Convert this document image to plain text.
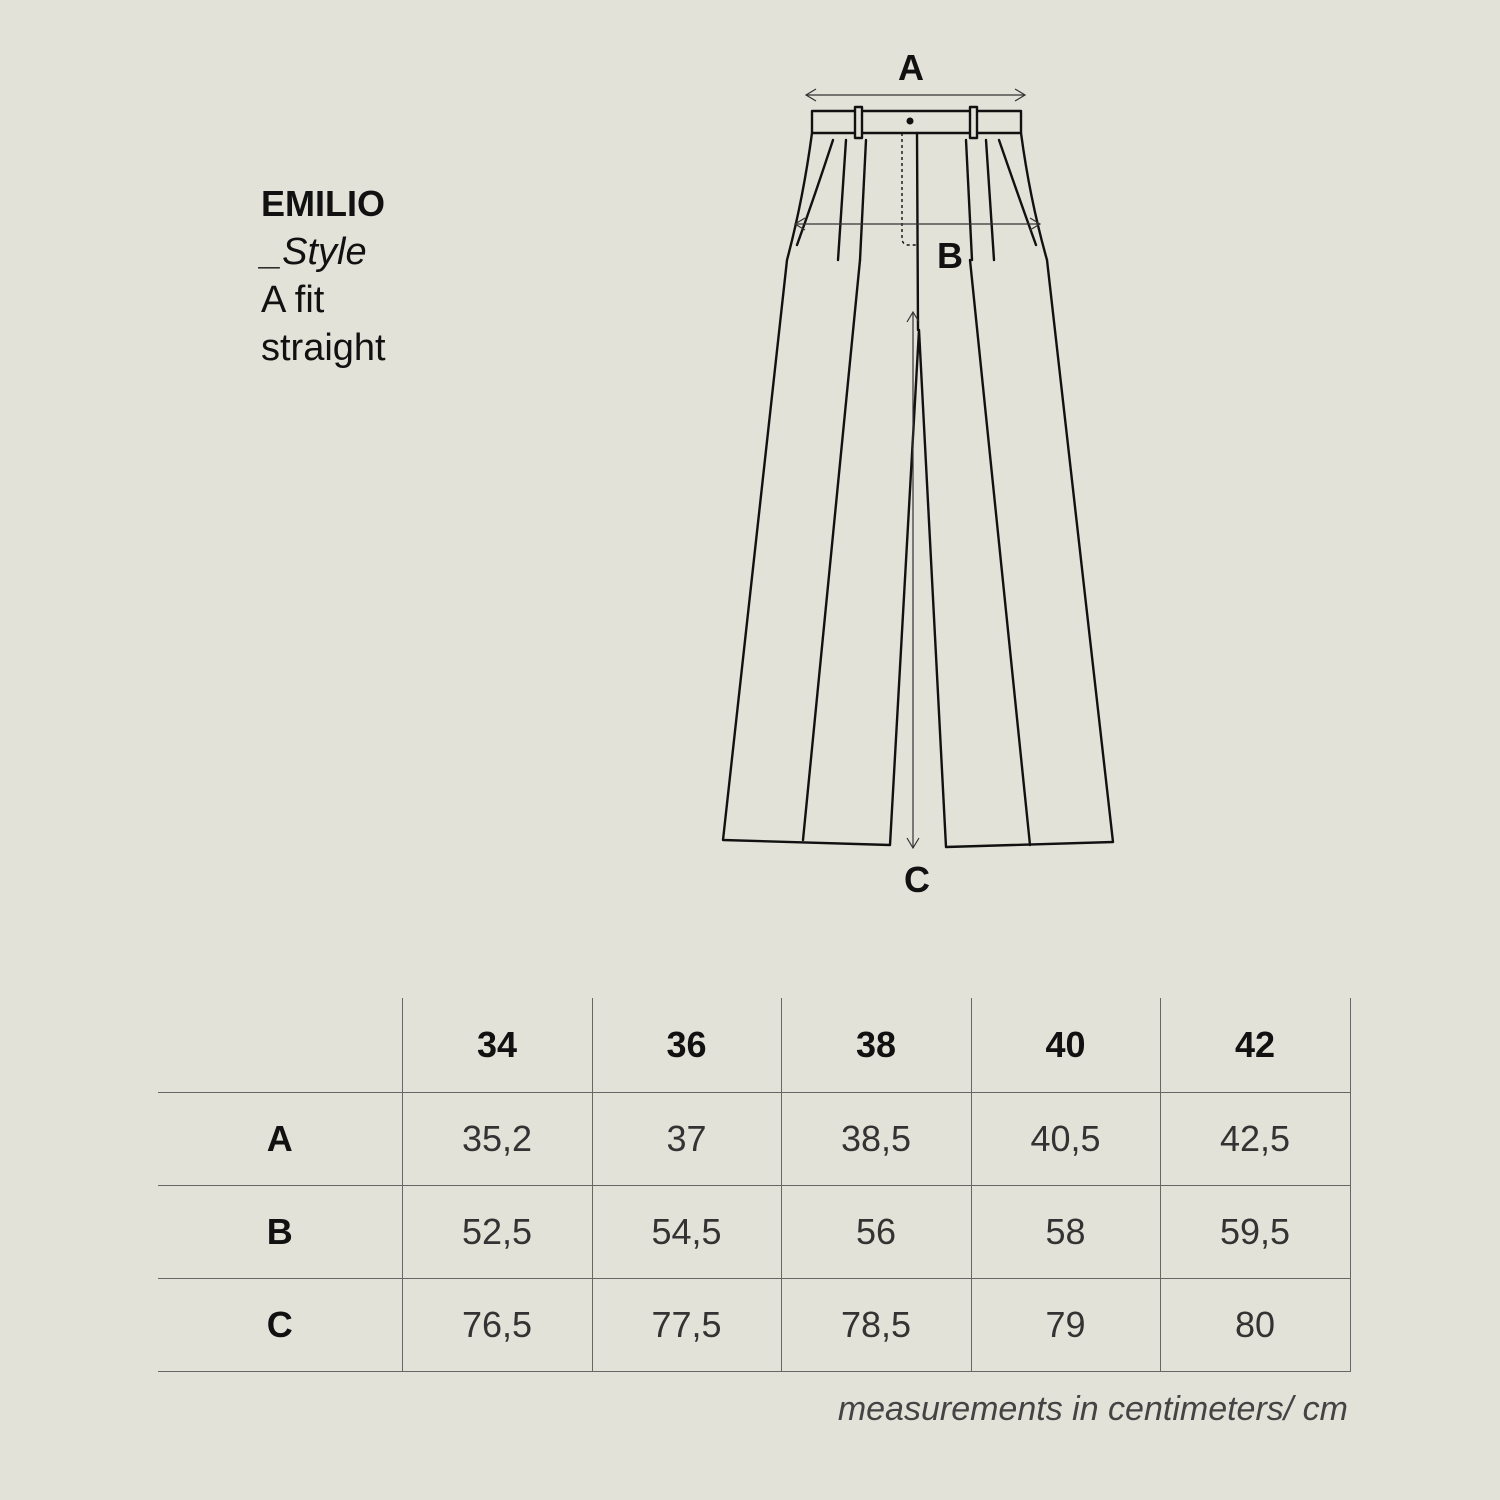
EMILIO
_Style
A fit
straight
A
B
C
	34	36	38	40	42
A	35,2	37	38,5	40,5	42,5
B	52,5	54,5	56	58	59,5
C	76,5	77,5	78,5	79	80
measurements in centimeters/ cm
